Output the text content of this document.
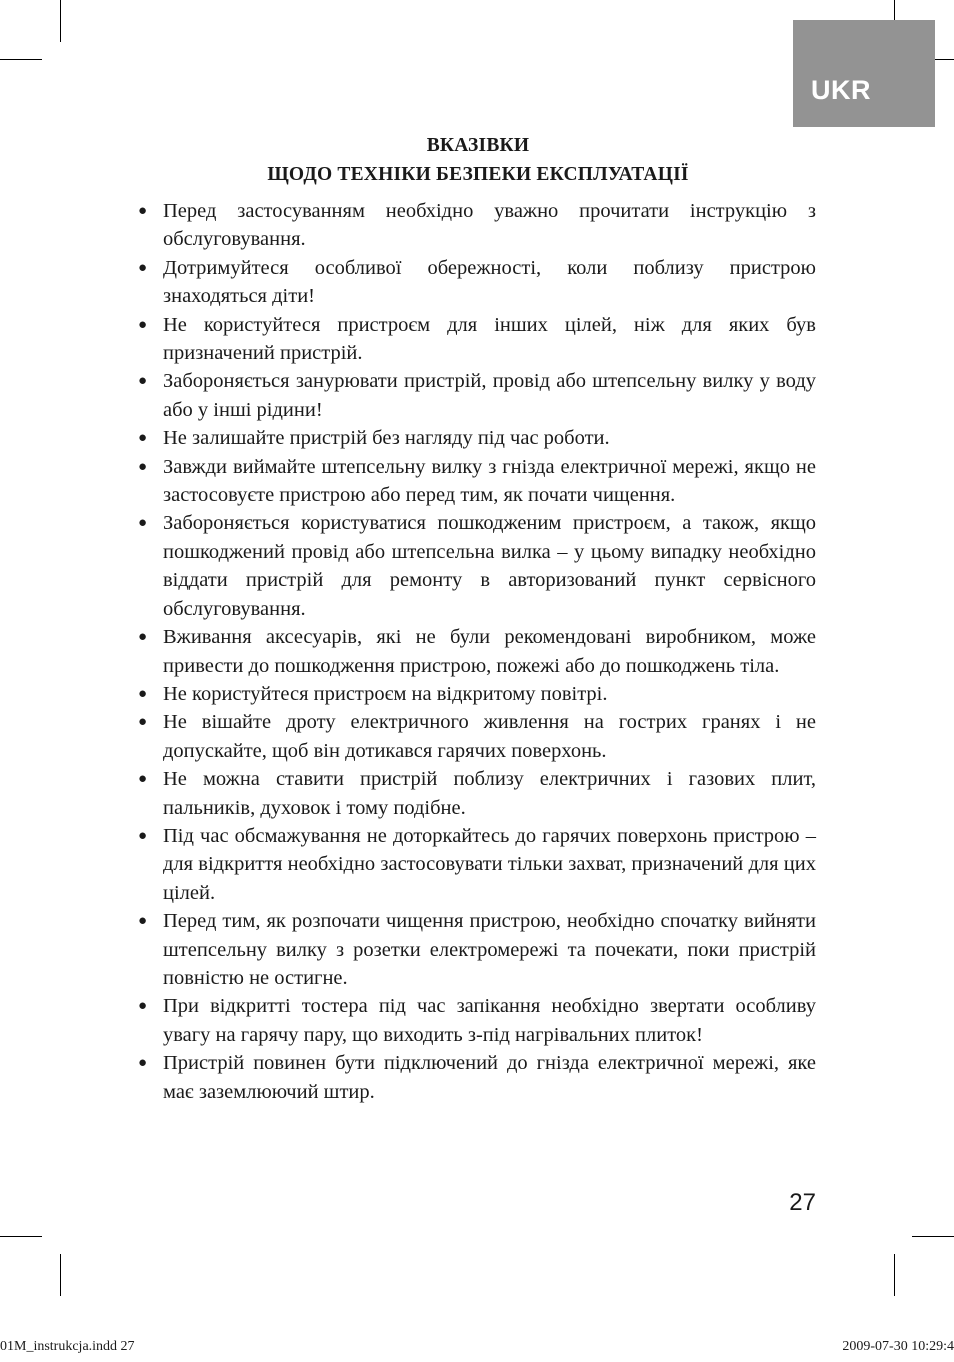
UKR
ВКАЗІВКИ
ЩОДО ТЕХНІКИ БЕЗПЕКИ ЕКСПЛУАТАЦІЇ
● Перед застосуванням необхідно уважно прочитати інструкцію з обслуговування.
● Дотримуйтеся особливої обережності, коли поблизу пристрою знаходяться діти!
● Не користуйтеся пристроєм для інших цілей, ніж для яких був призначений пристрій.
● Забороняється занурювати пристрій, провід або штепсельну вилку у воду або у інші рідини!
● Не залишайте пристрій без нагляду під час роботи.
● Завжди виймайте штепсельну вилку з гнізда електричної мережі, якщо не застосовуєте пристрою або перед тим, як почати чищення.
● Забороняється користуватися пошкодженим пристроєм, а також, якщо пошкоджений провід або штепсельна вилка – у цьому випадку необхідно віддати пристрій для ремонту в авторизований пункт сервісного обслуговування.
● Вживання аксесуарів, які не були рекомендовані виробником, може привести до пошкодження пристрою, пожежі або до пошкоджень тіла.
● Не користуйтеся пристроєм на відкритому повітрі.
● Не вішайте дроту електричного живлення на гострих гранях і не допускайте, щоб він дотикався гарячих поверхонь.
● Не можна ставити пристрій поблизу електричних і газових плит, пальників, духовок і тому подібне.
● Під час обсмажування не доторкайтесь до гарячих поверхонь пристрою – для відкриття необхідно застосовувати тільки захват, призначений для цих цілей.
● Перед тим, як розпочати чищення пристрою, необхідно спочатку вийняти штепсельну вилку з розетки електромережі та почекати, поки пристрій повністю не остигне.
● При відкритті тостера під час запікання необхідно звертати особливу увагу на гарячу пару, що виходить з-під нагрівальних плиток!
● Пристрій повинен бути підключений до гнізда електричної мережі, яке має заземлюючий штир.
27
01M_instrukcja.indd 27	2009-07-30 10:29:4
